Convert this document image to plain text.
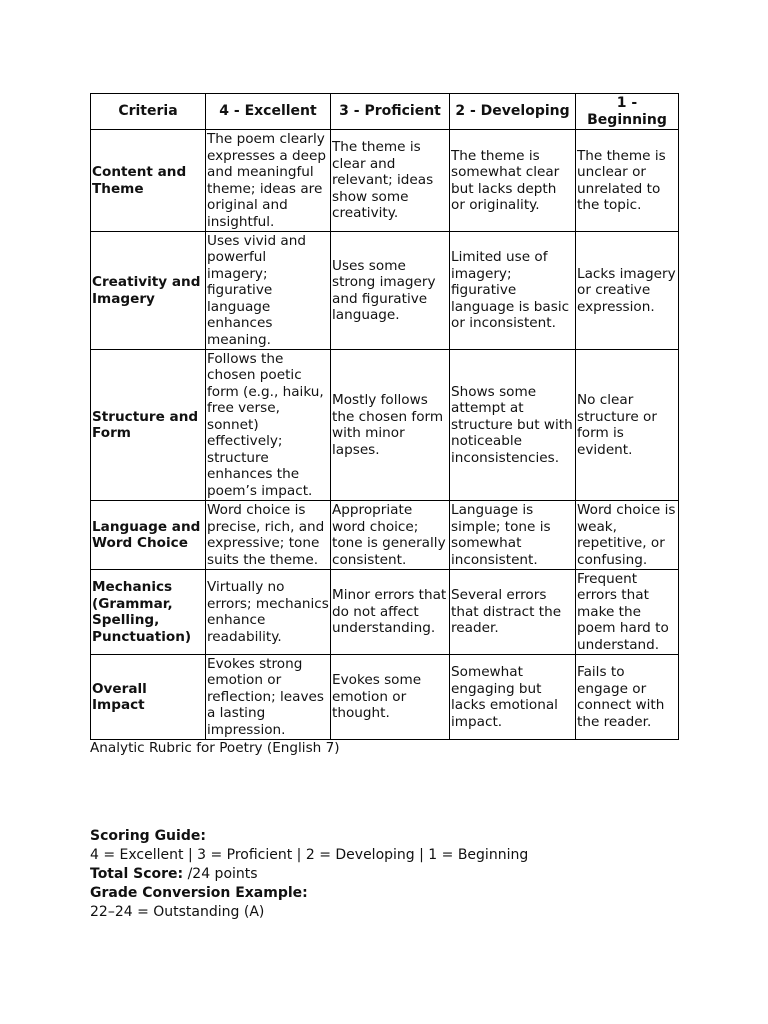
Criteria	4 - Excellent	3 - Proficient	2 - Developing	1 - Beginning
Content and Theme	The poem clearly expresses a deep and meaningful theme; ideas are original and insightful.	The theme is clear and relevant; ideas show some creativity.	The theme is somewhat clear but lacks depth or originality.	The theme is unclear or unrelated to the topic.
Creativity and Imagery	Uses vivid and powerful imagery; figurative language enhances meaning.	Uses some strong imagery and figurative language.	Limited use of imagery; figurative language is basic or inconsistent.	Lacks imagery or creative expression.
Structure and Form	Follows the chosen poetic form (e.g., haiku, free verse, sonnet) effectively; structure enhances the poem’s impact.	Mostly follows the chosen form with minor lapses.	Shows some attempt at structure but with noticeable inconsistencies.	No clear structure or form is evident.
Language and Word Choice	Word choice is precise, rich, and expressive; tone suits the theme.	Appropriate word choice; tone is generally consistent.	Language is simple; tone is somewhat inconsistent.	Word choice is weak, repetitive, or confusing.
Mechanics (Grammar, Spelling, Punctuation)	Virtually no errors; mechanics enhance readability.	Minor errors that do not affect understanding.	Several errors that distract the reader.	Frequent errors that make the poem hard to understand.
Overall Impact	Evokes strong emotion or reflection; leaves a lasting impression.	Evokes some emotion or thought.	Somewhat engaging but lacks emotional impact.	Fails to engage or connect with the reader.
Analytic Rubric for Poetry (English 7)
Scoring Guide:
4 = Excellent | 3 = Proficient | 2 = Developing | 1 = Beginning
Total Score: /24 points
Grade Conversion Example:
22–24 = Outstanding (A)
